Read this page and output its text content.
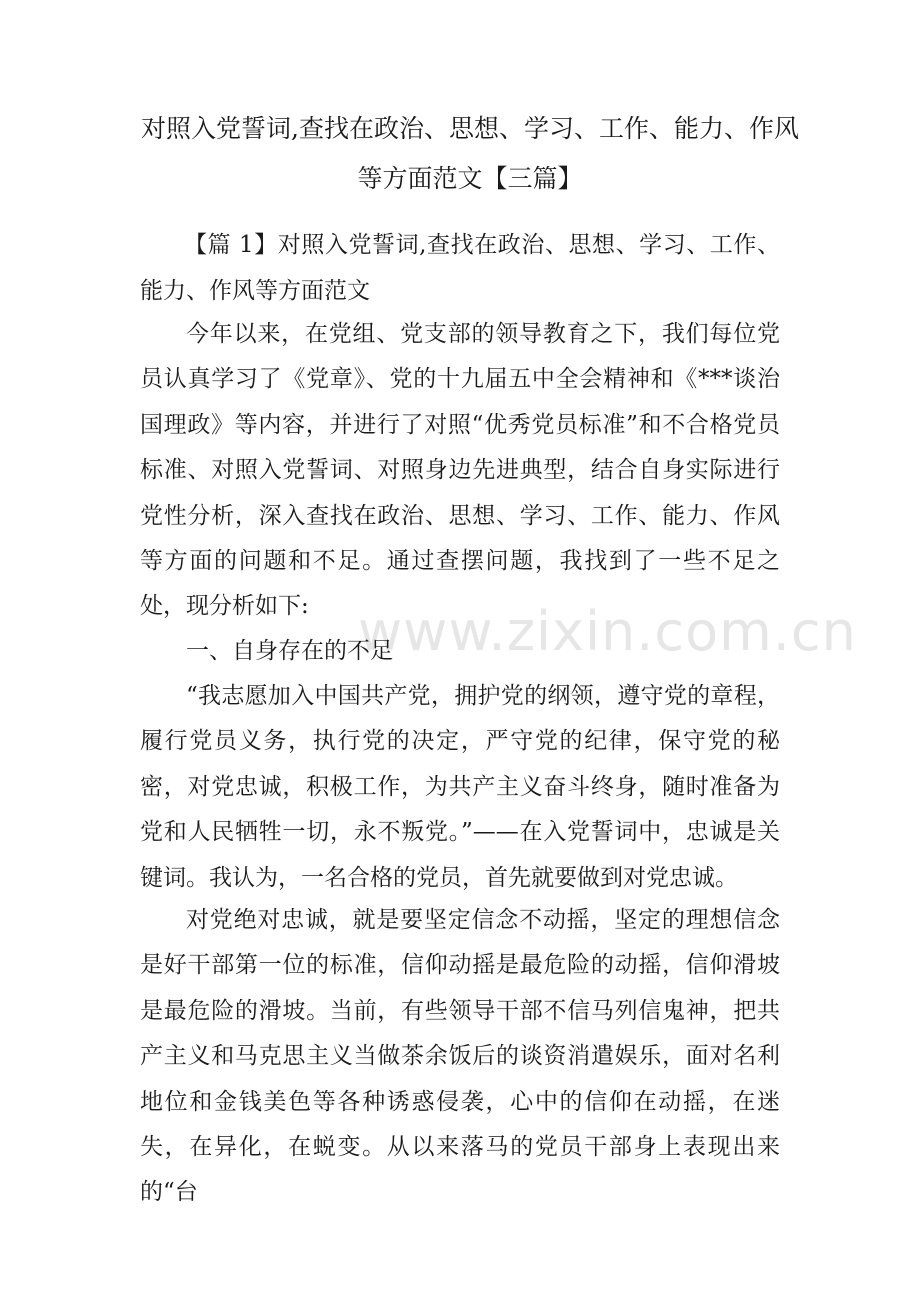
www.zixin.com.cn
对照入党誓词,查找在政治、思想、学习、工作、能力、作风等方面范文【三篇】

【篇 1】对照入党誓词,查找在政治、思想、学习、工作、能力、作风等方面范文

今年以来，在党组、党支部的领导教育之下，我们每位党员认真学习了《党章》、党的十九届五中全会精神和《***谈治国理政》等内容，并进行了对照“优秀党员标准”和不合格党员标准、对照入党誓词、对照身边先进典型，结合自身实际进行党性分析，深入查找在政治、思想、学习、工作、能力、作风等方面的问题和不足。通过查摆问题，我找到了一些不足之处，现分析如下:

一、自身存在的不足

“我志愿加入中国共产党，拥护党的纲领，遵守党的章程，履行党员义务，执行党的决定，严守党的纪律，保守党的秘密，对党忠诚，积极工作，为共产主义奋斗终身，随时准备为党和人民牺牲一切，永不叛党。”——在入党誓词中，忠诚是关键词。我认为，一名合格的党员，首先就要做到对党忠诚。

对党绝对忠诚，就是要坚定信念不动摇，坚定的理想信念是好干部第一位的标准，信仰动摇是最危险的动摇，信仰滑坡是最危险的滑坡。当前，有些领导干部不信马列信鬼神，把共产主义和马克思主义当做茶余饭后的谈资消遣娱乐，面对名利地位和金钱美色等各种诱惑侵袭，心中的信仰在动摇，在迷失，在异化，在蜕变。从以来落马的党员干部身上表现出来的“台
